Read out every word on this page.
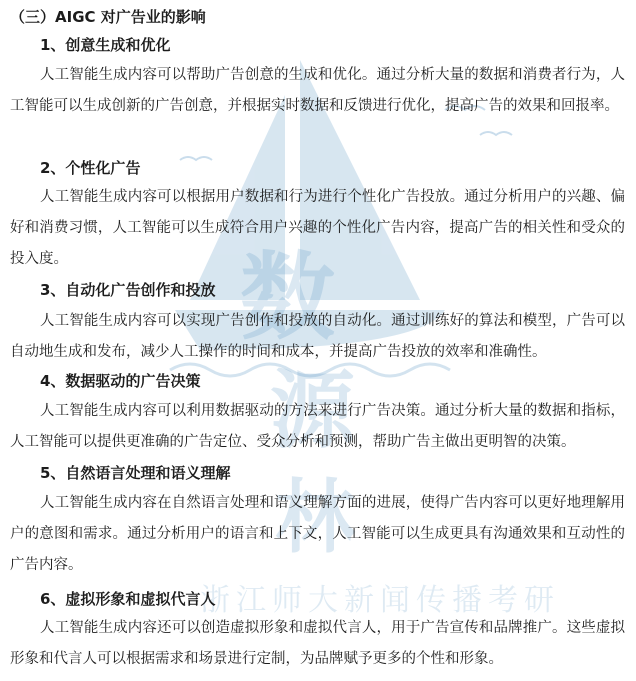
数
源
林
浙江师大新闻传播考研
（三）AIGC 对广告业的影响
1、创意生成和优化

人工智能生成内容可以帮助广告创意的生成和优化。通过分析大量的数据和消费者行为，人工智能可以生成创新的广告创意，并根据实时数据和反馈进行优化，提高广告的效果和回报率。

2、个性化广告

人工智能生成内容可以根据用户数据和行为进行个性化广告投放。通过分析用户的兴趣、偏好和消费习惯，人工智能可以生成符合用户兴趣的个性化广告内容，提高广告的相关性和受众的投入度。

3、自动化广告创作和投放

人工智能生成内容可以实现广告创作和投放的自动化。通过训练好的算法和模型，广告可以自动地生成和发布，减少人工操作的时间和成本，并提高广告投放的效率和准确性。

4、数据驱动的广告决策

人工智能生成内容可以利用数据驱动的方法来进行广告决策。通过分析大量的数据和指标，人工智能可以提供更准确的广告定位、受众分析和预测，帮助广告主做出更明智的决策。

5、自然语言处理和语义理解

人工智能生成内容在自然语言处理和语义理解方面的进展，使得广告内容可以更好地理解用户的意图和需求。通过分析用户的语言和上下文，人工智能可以生成更具有沟通效果和互动性的广告内容。

6、虚拟形象和虚拟代言人

人工智能生成内容还可以创造虚拟形象和虚拟代言人，用于广告宣传和品牌推广。这些虚拟形象和代言人可以根据需求和场景进行定制，为品牌赋予更多的个性和形象。
